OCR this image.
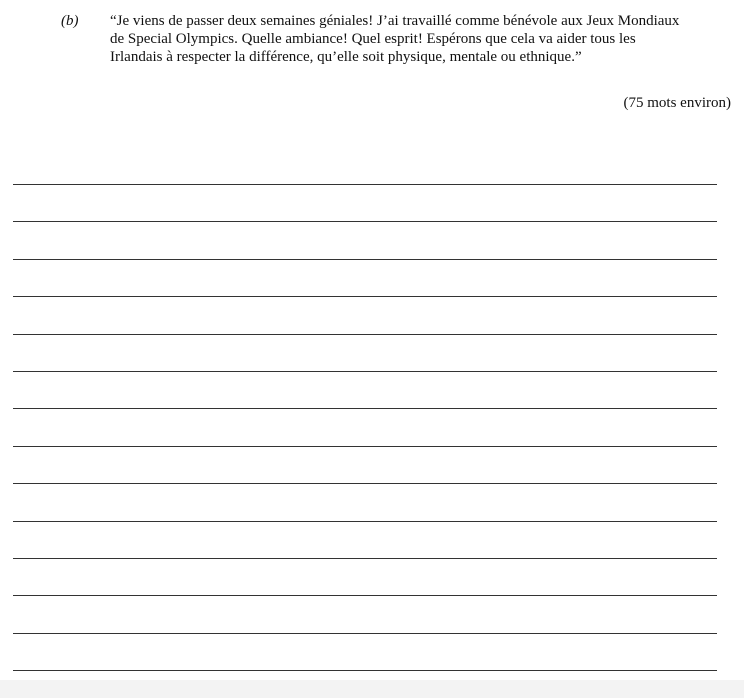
(b) “Je viens de passer deux semaines géniales! J’ai travaillé comme bénévole aux Jeux Mondiaux
de Special Olympics. Quelle ambiance! Quel esprit! Espérons que cela va aider tous les
Irlandais à respecter la différence, qu’elle soit physique, mentale ou ethnique.”
(75 mots environ)
